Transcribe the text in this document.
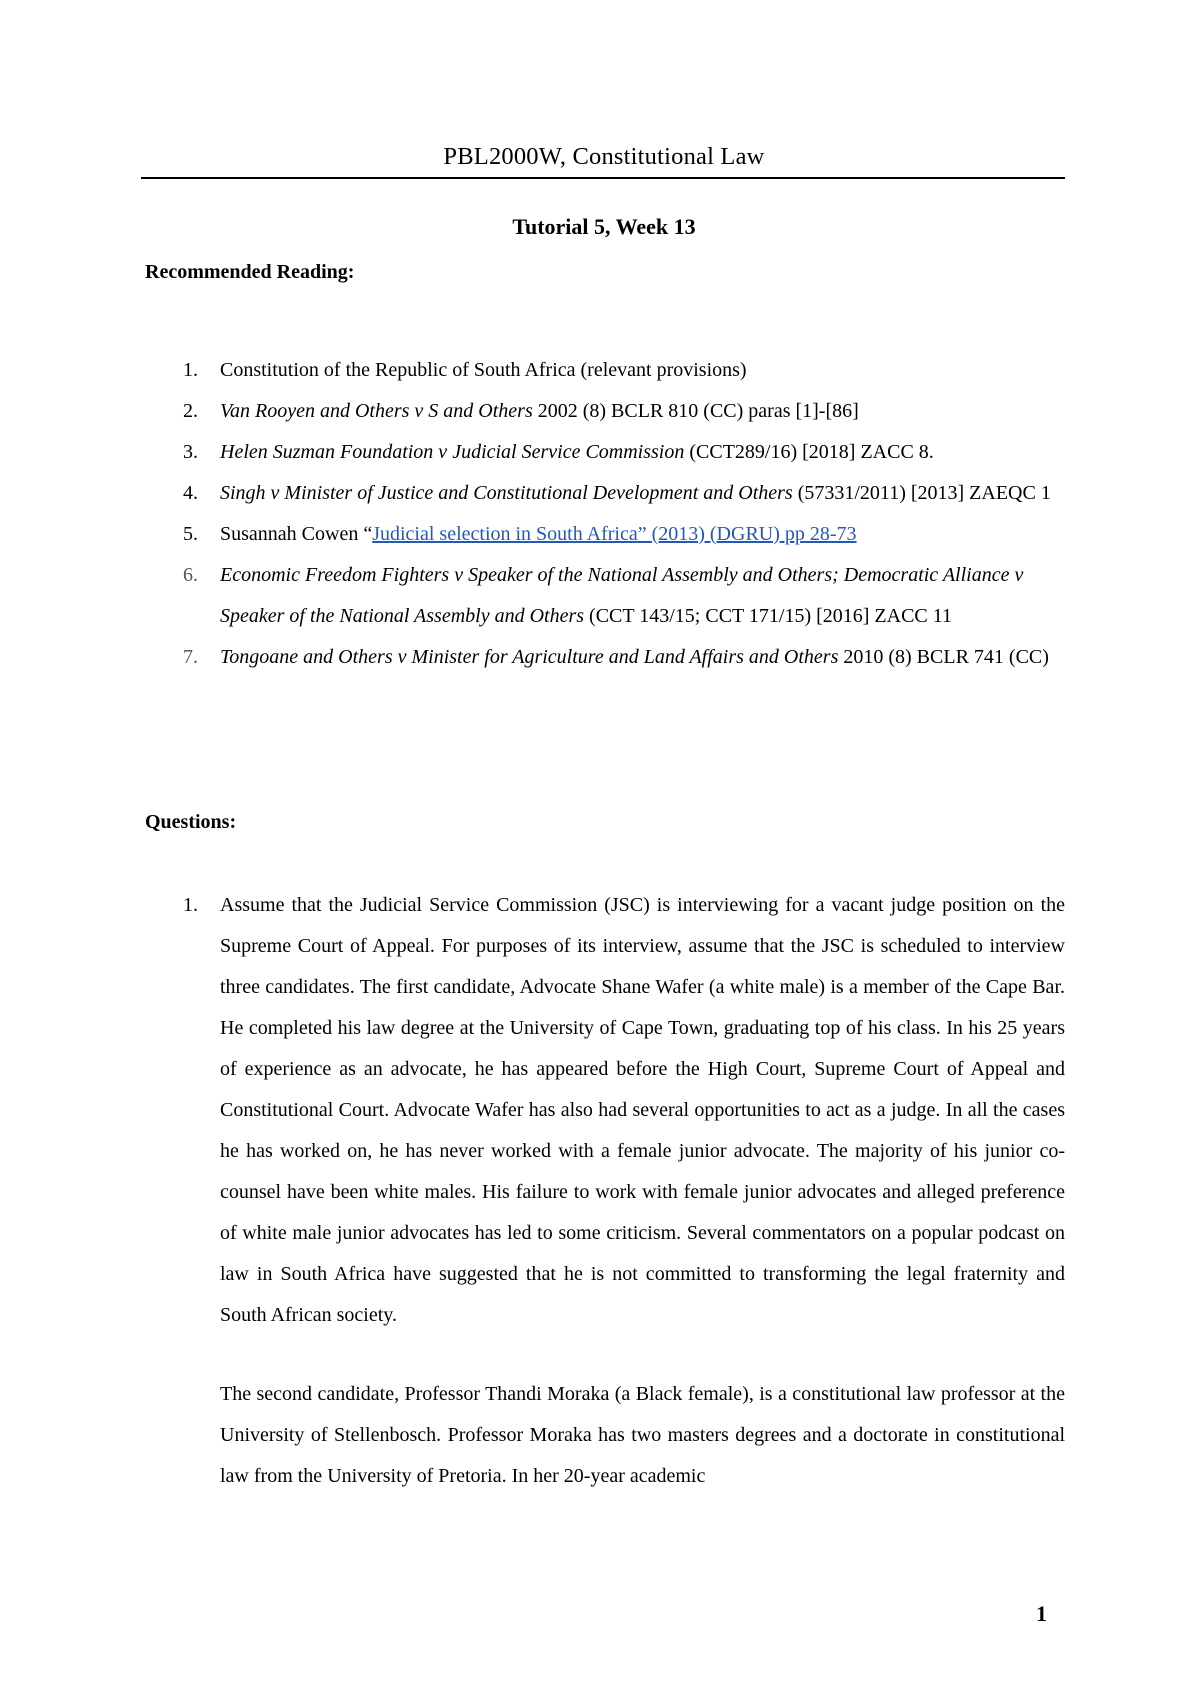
PBL2000W, Constitutional Law
Tutorial 5, Week 13
Recommended Reading:
1. Constitution of the Republic of South Africa (relevant provisions)
2. Van Rooyen and Others v S and Others 2002 (8) BCLR 810 (CC) paras [1]-[86]
3. Helen Suzman Foundation v Judicial Service Commission (CCT289/16) [2018] ZACC 8.
4. Singh v Minister of Justice and Constitutional Development and Others (57331/2011) [2013] ZAEQC 1
5. Susannah Cowen “Judicial selection in South Africa” (2013) (DGRU) pp 28-73
6. Economic Freedom Fighters v Speaker of the National Assembly and Others; Democratic Alliance v Speaker of the National Assembly and Others (CCT 143/15; CCT 171/15) [2016] ZACC 11
7. Tongoane and Others v Minister for Agriculture and Land Affairs and Others 2010 (8) BCLR 741 (CC)
Questions:
1. Assume that the Judicial Service Commission (JSC) is interviewing for a vacant judge position on the Supreme Court of Appeal. For purposes of its interview, assume that the JSC is scheduled to interview three candidates. The first candidate, Advocate Shane Wafer (a white male) is a member of the Cape Bar. He completed his law degree at the University of Cape Town, graduating top of his class. In his 25 years of experience as an advocate, he has appeared before the High Court, Supreme Court of Appeal and Constitutional Court. Advocate Wafer has also had several opportunities to act as a judge. In all the cases he has worked on, he has never worked with a female junior advocate. The majority of his junior co-counsel have been white males. His failure to work with female junior advocates and alleged preference of white male junior advocates has led to some criticism. Several commentators on a popular podcast on law in South Africa have suggested that he is not committed to transforming the legal fraternity and South African society.

The second candidate, Professor Thandi Moraka (a Black female), is a constitutional law professor at the University of Stellenbosch. Professor Moraka has two masters degrees and a doctorate in constitutional law from the University of Pretoria. In her 20-year academic

1
